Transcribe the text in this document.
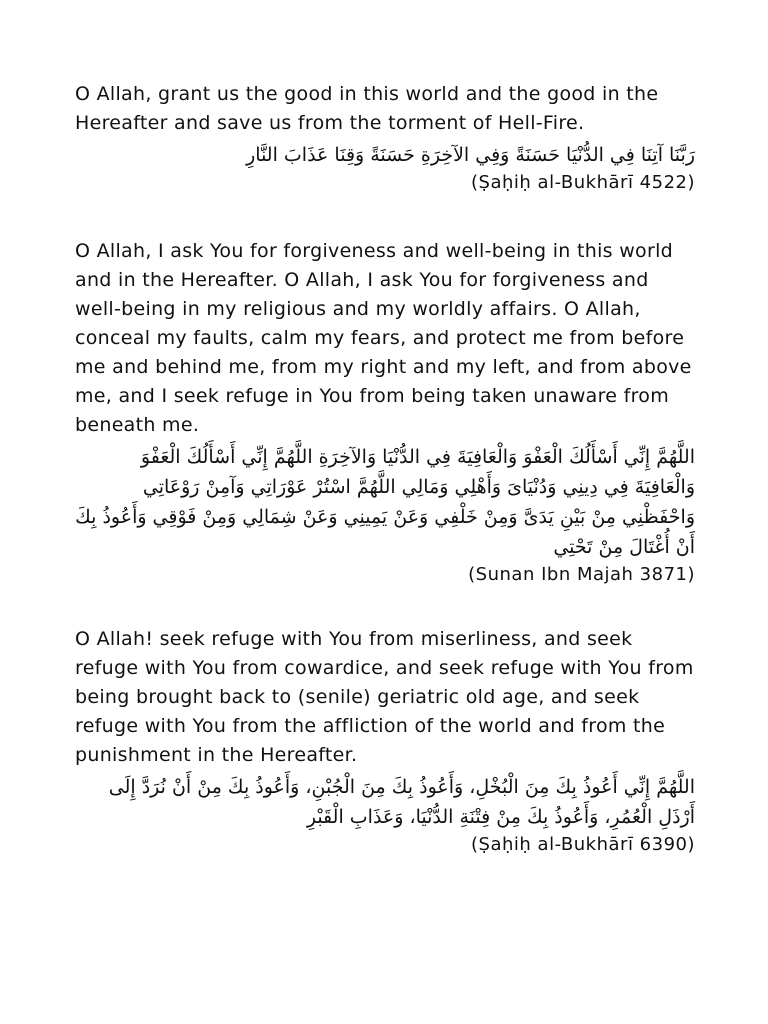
O Allah, grant us the good in this world and the good in the Hereafter and save us from the torment of Hell-Fire.

رَبَّنَا آتِنَا فِي الدُّنْيَا حَسَنَةً وَفِي الآخِرَةِ حَسَنَةً وَقِنَا عَذَابَ النَّارِ

(Ṣaḥiḥ al-Bukhārī 4522)

O Allah, I ask You for forgiveness and well-being in this world and in the Hereafter. O Allah, I ask You for forgiveness and well-being in my religious and my worldly affairs. O Allah, conceal my faults, calm my fears, and protect me from before me and behind me, from my right and my left, and from above me, and I seek refuge in You from being taken unaware from beneath me.

اللَّهُمَّ إِنِّي أَسْأَلُكَ الْعَفْوَ وَالْعَافِيَةَ فِي الدُّنْيَا وَالآخِرَةِ اللَّهُمَّ إِنِّي أَسْأَلُكَ الْعَفْوَ وَالْعَافِيَةَ فِي دِينِي وَدُنْيَاىَ وَأَهْلِي وَمَالِي اللَّهُمَّ اسْتُرْ عَوْرَاتِي وَآمِنْ رَوْعَاتِي وَاحْفَظْنِي مِنْ بَيْنِ يَدَىَّ وَمِنْ خَلْفِي وَعَنْ يَمِينِي وَعَنْ شِمَالِي وَمِنْ فَوْقِي وَأَعُوذُ بِكَ أَنْ أُغْتَالَ مِنْ تَحْتِي

(Sunan Ibn Majah 3871)

O Allah! seek refuge with You from miserliness, and seek refuge with You from cowardice, and seek refuge with You from being brought back to (senile) geriatric old age, and seek refuge with You from the affliction of the world and from the punishment in the Hereafter.

اللَّهُمَّ إِنِّي أَعُوذُ بِكَ مِنَ الْبُخْلِ، وَأَعُوذُ بِكَ مِنَ الْجُبْنِ، وَأَعُوذُ بِكَ مِنْ أَنْ نُرَدَّ إِلَى أَرْذَلِ الْعُمُرِ، وَأَعُوذُ بِكَ مِنْ فِتْنَةِ الدُّنْيَا، وَعَذَابِ الْقَبْرِ

(Ṣaḥiḥ al-Bukhārī 6390)
